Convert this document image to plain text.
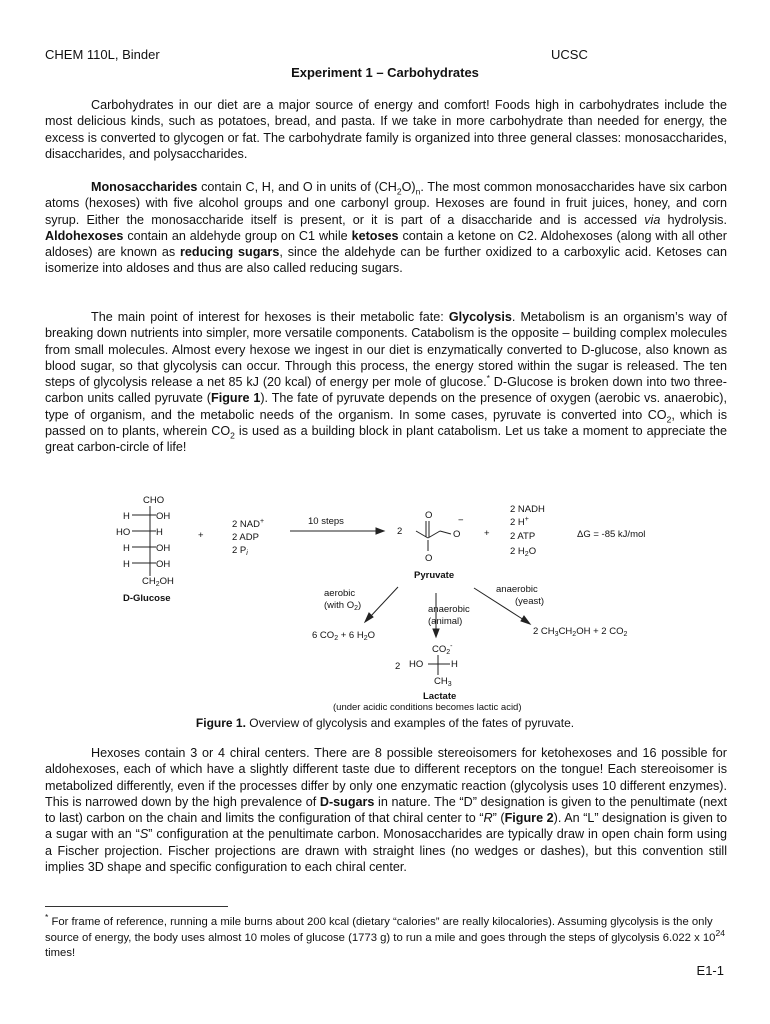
CHEM 110L, Binder	UCSC
Experiment 1 – Carbohydrates

Carbohydrates in our diet are a major source of energy and comfort! Foods high in carbohydrates include the most delicious kinds, such as potatoes, bread, and pasta. If we take in more carbohydrate than needed for energy, the excess is converted to glycogen or fat. The carbohydrate family is organized into three general classes: monosaccharides, disaccharides, and polysaccharides.

Monosaccharides contain C, H, and O in units of $(CH_2O)_n$. The most common monosaccharides have six carbon atoms (hexoses) with five alcohol groups and one carbonyl group. Hexoses are found in fruit juices, honey, and corn syrup. Either the monosaccharide itself is present, or it is part of a disaccharide and is accessed via hydrolysis. Aldohexoses contain an aldehyde group on C1 while ketoses contain a ketone on C2. Aldohexoses (along with all other aldoses) are known as reducing sugars, since the aldehyde can be further oxidized to a carboxylic acid. Ketoses can isomerize into aldoses and thus are also called reducing sugars.

The main point of interest for hexoses is their metabolic fate: Glycolysis. Metabolism is an organism’s way of breaking down nutrients into simpler, more versatile components. Catabolism is the opposite – building complex molecules from small molecules. Almost every hexose we ingest in our diet is enzymatically converted to D-glucose, also known as blood sugar, so that glycolysis can occur. Through this process, the energy stored within the sugar is released. The ten steps of glycolysis release a net 85 kJ (20 kcal) of energy per mole of glucose.* D-Glucose is broken down into two three-carbon units called pyruvate (Figure 1). The fate of pyruvate depends on the presence of oxygen (aerobic vs. anaerobic), type of organism, and the metabolic needs of the organism. In some cases, pyruvate is converted into $CO_2$, which is passed on to plants, wherein $CO_2$ is used as a building block in plant catabolism. Let us take a moment to appreciate the great carbon-circle of life!

CHO
H	OH
HO	H
H	OH
H	OH
$CH_2OH$
D-Glucose
+
2 NAD+
2 ADP
2 $P_i$
10 steps
2
O	−
O
O
Pyruvate
+
2 NADH
2 H+
2 ATP
2 $H_2O$
ΔG = -85 kJ/mol
aerobic
(with $O_2$)	anaerobic
(animal)
anaerobic
(yeast)
6 $CO_2 + 6$ $H_2O$	2 $CH_3CH_2OH + 2$ $CO_2$
$CO_2^-$
2 HO	H
$CH_3$
Lactate
(under acidic conditions becomes lactic acid)
Figure 1. Overview of glycolysis and examples of the fates of pyruvate.

Hexoses contain 3 or 4 chiral centers. There are 8 possible stereoisomers for ketohexoses and 16 possible for aldohexoses, each of which have a slightly different taste due to different receptors on the tongue! Each stereoisomer is metabolized differently, even if the processes differ by only one enzymatic reaction (glycolysis uses 10 different enzymes). This is narrowed down by the high prevalence of D-sugars in nature. The “D” designation is given to the penultimate (next to last) carbon on the chain and limits the configuration of that chiral center to “R” (Figure 2). An “L” designation is given to a sugar with an “S” configuration at the penultimate carbon. Monosaccharides are typically draw in open chain form using a Fischer projection. Fischer projections are drawn with straight lines (no wedges or dashes), but this convention still implies 3D shape and specific configuration to each chiral center.

* For frame of reference, running a mile burns about 200 kcal (dietary “calories” are really kilocalories). Assuming glycolysis is the only source of energy, the body uses almost 10 moles of glucose (1773 g) to run a mile and goes through the steps of glycolysis 6.022 x $10^{24}$ times!

E1-1
